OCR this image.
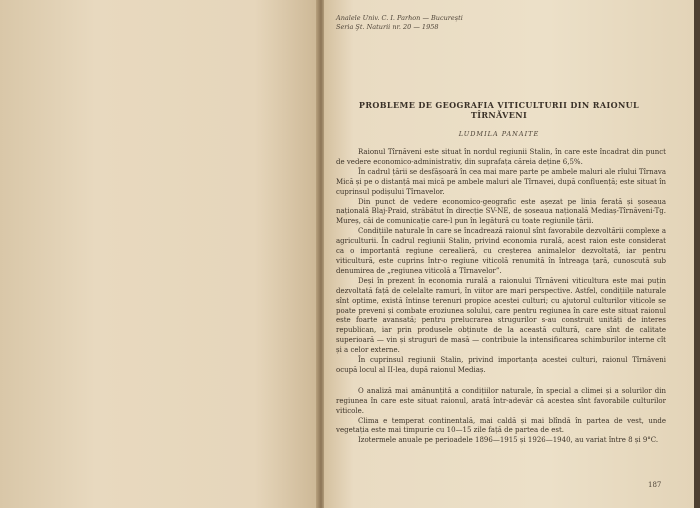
Analele Univ. C. I. Parhon — București
Seria Şt. Naturii nr. 20 — 1958
PROBLEME DE GEOGRAFIA VITICULTURII DIN RAIONUL
TÎRNĂVENI
LUDMILA PANAITE

Raionul Tîrnăveni este situat în nordul regiunii Stalin, în care este încadrat din punct de vedere economico-administrativ, din suprafața căreia deține 6,5%.

În cadrul țării se desfășoară în cea mai mare parte pe ambele maluri ale rîului Tîrnava Mică și pe o distanță mai mică pe ambele maluri ale Tîrnavei, după confluență; este situat în cuprinsul podișului Tîrnavelor.

Din punct de vedere economico-geografic este așezat pe linia ferată și șoseaua națională Blaj-Praid, străbătut în direcție SV-NE, de șoseaua națională Mediaș-Tîrnăveni-Tg. Mureș, căi de comunicație care-l pun în legătură cu toate regiunile țării.

Condițiile naturale în care se încadrează raionul sînt favorabile dezvoltării complexe a agriculturii. În cadrul regiunii Stalin, privind economia rurală, acest raion este considerat ca o importantă regiune cerealieră, cu creșterea animalelor dezvoltată, iar pentru viticultură, este cuprins într-o regiune viticolă renumită în întreaga țară, cunoscută sub denumirea de „regiunea viticolă a Tîrnavelor”.

Deși în prezent în economia rurală a raionului Tîrnăveni viticultura este mai puțin dezvoltată față de celelalte ramuri, în viitor are mari perspective. Astfel, condițiile naturale sînt optime, există întinse terenuri propice acestei culturi; cu ajutorul culturilor viticole se poate preveni și combate eroziunea solului, care pentru regiunea în care este situat raionul este foarte avansată; pentru prelucrarea strugurilor s-au construit unități de interes republican, iar prin produsele obținute de la această cultură, care sînt de calitate superioară — vin și struguri de masă — contribuie la intensificarea schimburilor interne cît și a celor externe.

În cuprinsul regiunii Stalin, privind importanța acestei culturi, raionul Tîrnăveni ocupă locul al II-lea, după raionul Mediaș.

O analiză mai amănunțită a condițiilor naturale, în special a climei și a solurilor din regiunea în care este situat raionul, arată într-adevăr că acestea sînt favorabile culturilor viticole.

Clima e temperat continentală, mai caldă și mai blîndă în partea de vest, unde vegetația este mai timpurie cu 10—15 zile față de partea de est.

Izotermele anuale pe perioadele 1896—1915 și 1926—1940, au variat între 8 și 9°C.

187
